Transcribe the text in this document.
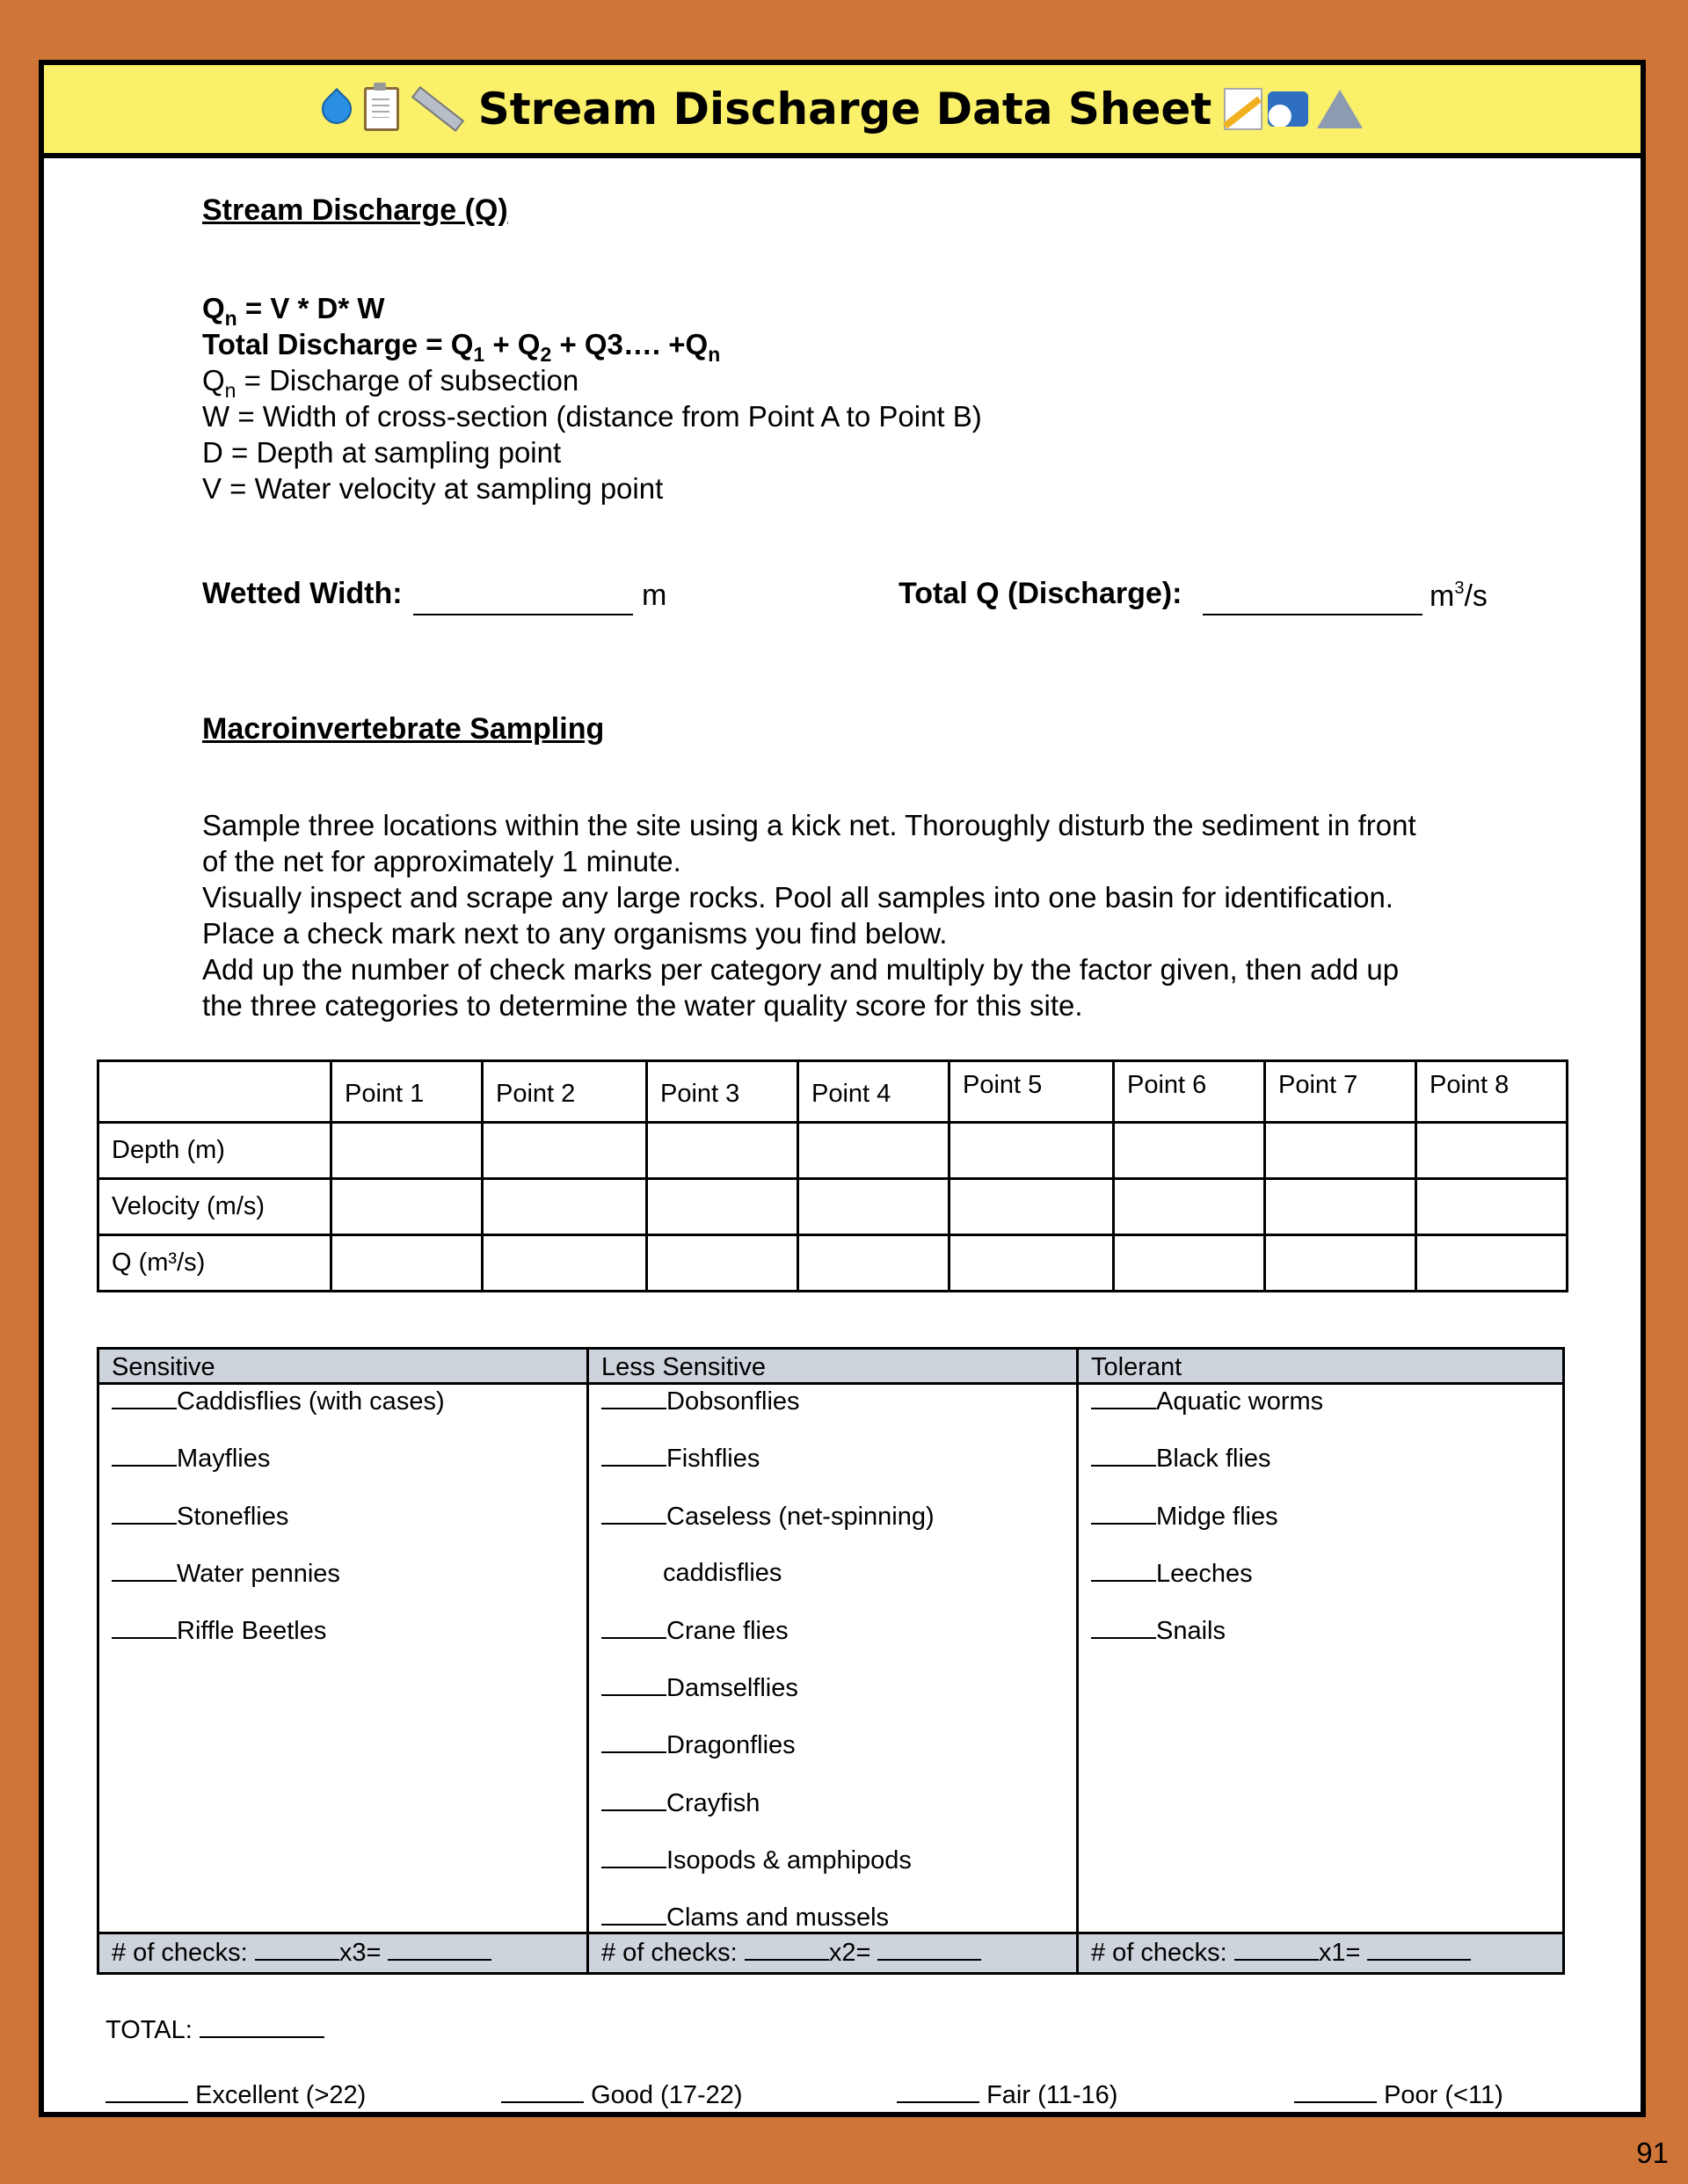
Stream Discharge Data Sheet
Stream Discharge (Q)
$Q_n = V * D*$ W
Total Discharge = $Q_1 + Q_2$ + Q3…. $+Q_n$
$Q_n$ = Discharge of subsection
W = Width of cross-section (distance from Point A to Point B)
D = Depth at sampling point
V = Water velocity at sampling point
Wetted Width:	m	Total Q (Discharge):	$m^3/s$
Macroinvertebrate Sampling
Sample three locations within the site using a kick net. Thoroughly disturb the sediment in front
of the net for approximately 1 minute.
Visually inspect and scrape any large rocks. Pool all samples into one basin for identification.
Place a check mark next to any organisms you find below.
Add up the number of check marks per category and multiply by the factor given, then add up
the three categories to determine the water quality score for this site.
	Point 1	Point 2	Point 3	Point 4	Point 5	Point 6	Point 7	Point 8
Depth (m)								
Velocity (m/s)								
Q (m³/s)								
Sensitive
Caddisflies (with cases)
Mayflies
Stoneflies
Water pennies
Riffle Beetles
# of checks:	x3=
Less Sensitive
Dobsonflies
Fishflies
Caseless (net-spinning)
caddisflies
Crane flies
Damselflies
Dragonflies
Crayfish
Isopods & amphipods
Clams and mussels
# of checks:	x2=
Tolerant
Aquatic worms
Black flies
Midge flies
Leeches
Snails
# of checks:	x1=
TOTAL:
Excellent (>22)	Good (17-22)	Fair (11-16)	Poor (<11)
91
